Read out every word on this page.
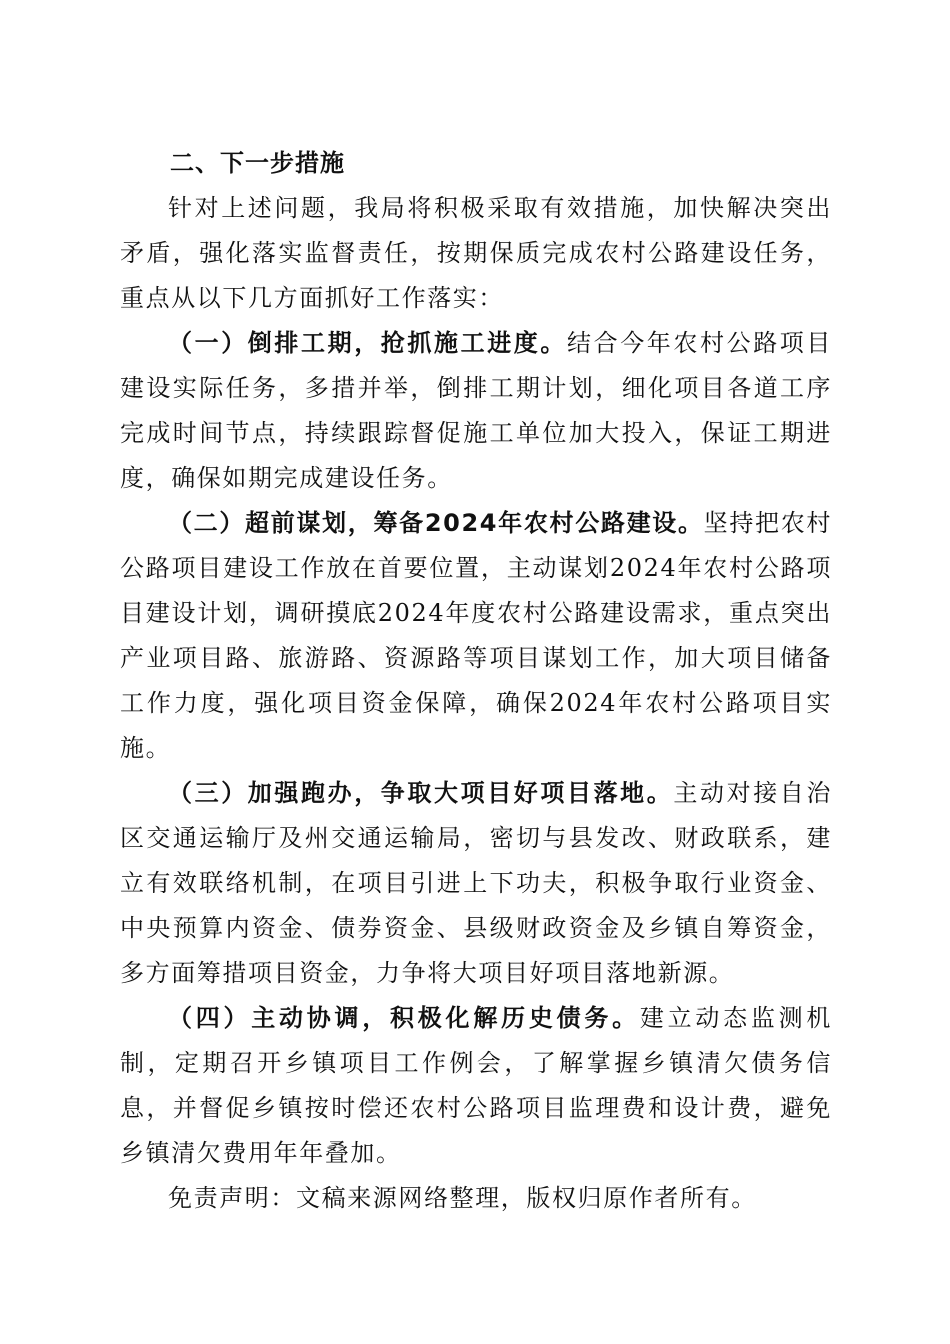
二、下一步措施

针对上述问题，我局将积极采取有效措施，加快解决突出矛盾，强化落实监督责任，按期保质完成农村公路建设任务，重点从以下几方面抓好工作落实：

（一）倒排工期，抢抓施工进度。结合今年农村公路项目建设实际任务，多措并举，倒排工期计划，细化项目各道工序完成时间节点，持续跟踪督促施工单位加大投入，保证工期进度，确保如期完成建设任务。

（二）超前谋划，筹备2024年农村公路建设。坚持把农村公路项目建设工作放在首要位置，主动谋划2024年农村公路项目建设计划，调研摸底2024年度农村公路建设需求，重点突出产业项目路、旅游路、资源路等项目谋划工作，加大项目储备工作力度，强化项目资金保障，确保2024年农村公路项目实施。

（三）加强跑办，争取大项目好项目落地。主动对接自治区交通运输厅及州交通运输局，密切与县发改、财政联系，建立有效联络机制，在项目引进上下功夫，积极争取行业资金、中央预算内资金、债券资金、县级财政资金及乡镇自筹资金，多方面筹措项目资金，力争将大项目好项目落地新源。

（四）主动协调，积极化解历史债务。建立动态监测机制，定期召开乡镇项目工作例会，了解掌握乡镇清欠债务信息，并督促乡镇按时偿还农村公路项目监理费和设计费，避免乡镇清欠费用年年叠加。

免责声明：文稿来源网络整理，版权归原作者所有。
